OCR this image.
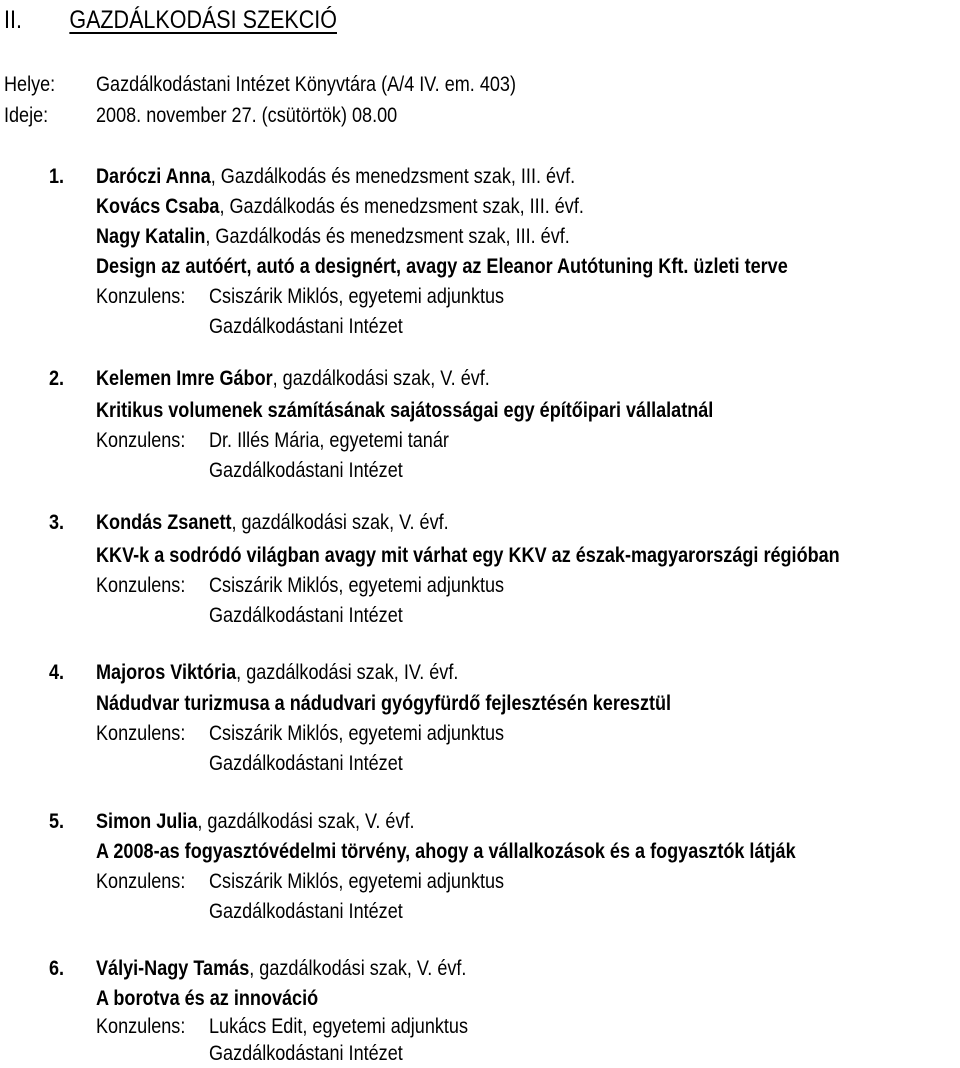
II. GAZDÁLKODÁSI SZEKCIÓ
Helye:	Gazdálkodástani Intézet Könyvtára (A/4 IV. em. 403)
Ideje:	2008. november 27. (csütörtök) 08.00
1. Daróczi Anna, Gazdálkodás és menedzsment szak, III. évf.
Kovács Csaba, Gazdálkodás és menedzsment szak, III. évf.
Nagy Katalin, Gazdálkodás és menedzsment szak, III. évf.
Design az autóért, autó a designért, avagy az Eleanor Autótuning Kft. üzleti terve
Konzulens:	Csiszárik Miklós, egyetemi adjunktus
Gazdálkodástani Intézet
2. Kelemen Imre Gábor, gazdálkodási szak, V. évf.
Kritikus volumenek számításának sajátosságai egy építőipari vállalatnál
Konzulens:	Dr. Illés Mária, egyetemi tanár
Gazdálkodástani Intézet
3. Kondás Zsanett, gazdálkodási szak, V. évf.
KKV-k a sodródó világban avagy mit várhat egy KKV az észak-magyarországi régióban
Konzulens:	Csiszárik Miklós, egyetemi adjunktus
Gazdálkodástani Intézet
4. Majoros Viktória, gazdálkodási szak, IV. évf.
Nádudvar turizmusa a nádudvari gyógyfürdő fejlesztésén keresztül
Konzulens:	Csiszárik Miklós, egyetemi adjunktus
Gazdálkodástani Intézet
5. Simon Julia, gazdálkodási szak, V. évf.
A 2008-as fogyasztóvédelmi törvény, ahogy a vállalkozások és a fogyasztók látják
Konzulens:	Csiszárik Miklós, egyetemi adjunktus
Gazdálkodástani Intézet
6. Vályi-Nagy Tamás, gazdálkodási szak, V. évf.
A borotva és az innováció
Konzulens:	Lukács Edit, egyetemi adjunktus
Gazdálkodástani Intézet
